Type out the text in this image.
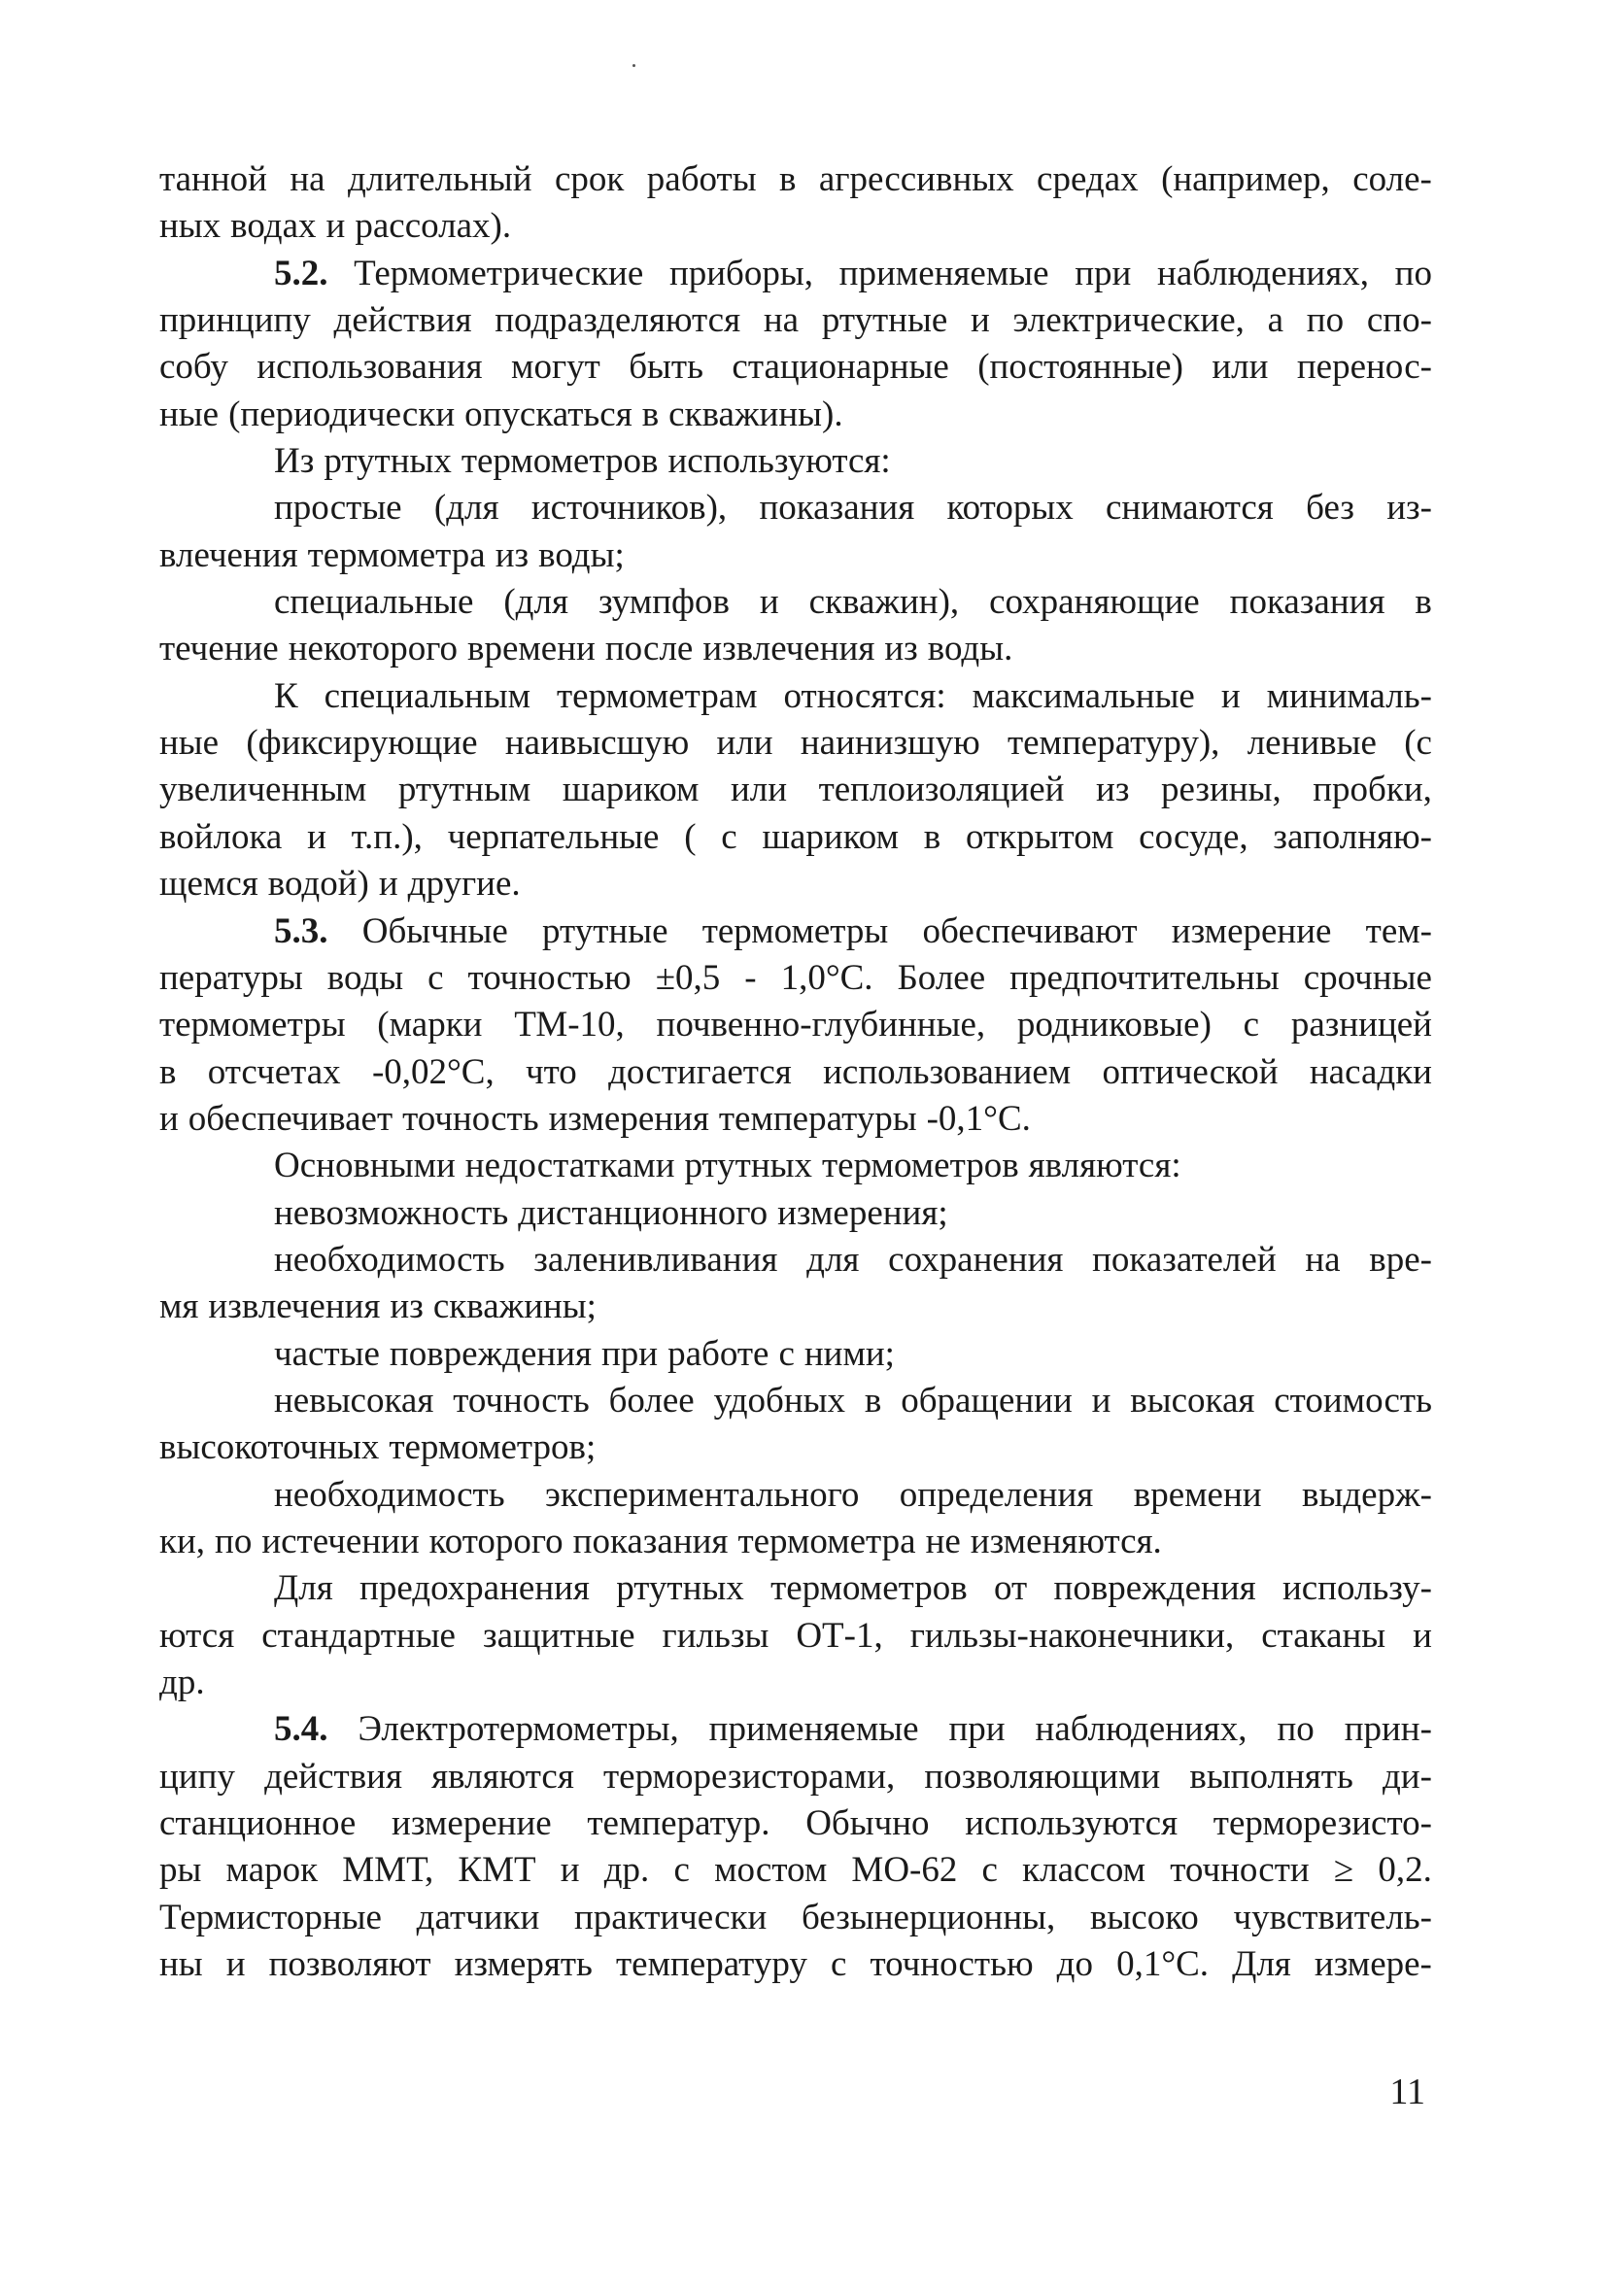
танной на длительный срок работы в агрессивных средах (например, соле-
ных водах и рассолах).
5.2. Термометрические приборы, применяемые при наблюдениях, по
принципу действия подразделяются на ртутные и электрические, а по спо-
собу использования могут быть стационарные (постоянные) или перенос-
ные (периодически опускаться в скважины).
Из ртутных термометров используются:
простые (для источников), показания которых снимаются без из-
влечения термометра из воды;
специальные (для зумпфов и скважин), сохраняющие показания в
течение некоторого времени после извлечения из воды.
К специальным термометрам относятся: максимальные и минималь-
ные (фиксирующие наивысшую или наинизшую температуру), ленивые (с
увеличенным ртутным шариком или теплоизоляцией из резины, пробки,
войлока и т.п.), черпательные ( с шариком в открытом сосуде, заполняю-
щемся водой) и другие.
5.3. Обычные ртутные термометры обеспечивают измерение тем-
пературы воды с точностью ±0,5 - 1,0°С. Более предпочтительны срочные
термометры (марки ТМ-10, почвенно-глубинные, родниковые) с разницей
в отсчетах -0,02°С, что достигается использованием оптической насадки
и обеспечивает точность измерения температуры -0,1°С.
Основными недостатками ртутных термометров являются:
невозможность дистанционного измерения;
необходимость заленивливания для сохранения показателей на вре-
мя извлечения из скважины;
частые повреждения при работе с ними;
невысокая точность более удобных в обращении и высокая стоимость
высокоточных термометров;
необходимость экспериментального определения времени выдерж-
ки, по истечении которого показания термометра не изменяются.
Для предохранения ртутных термометров от повреждения использу-
ются стандартные защитные гильзы ОТ-1, гильзы-наконечники, стаканы и
др.
5.4. Электротермометры, применяемые при наблюдениях, по прин-
ципу действия являются терморезисторами, позволяющими выполнять ди-
станционное измерение температур. Обычно используются терморезисто-
ры марок ММТ, КМТ и др. с мостом МО-62 с классом точности ≥ 0,2.
Термисторные датчики практически безынерционны, высоко чувствитель-
ны и позволяют измерять температуру с точностью до 0,1°С. Для измере-
11
